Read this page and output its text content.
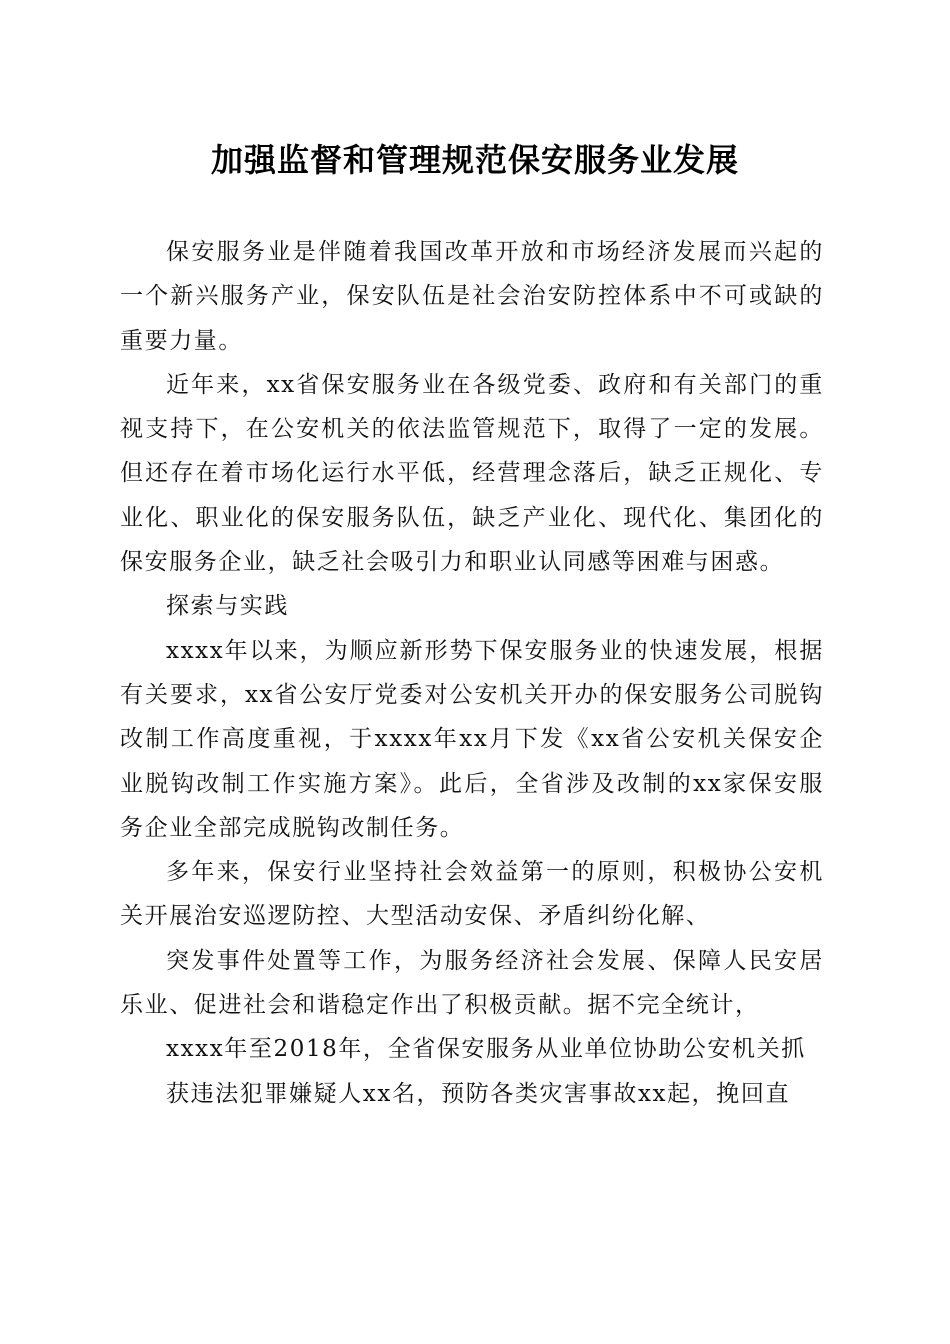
加强监督和管理规范保安服务业发展

保安服务业是伴随着我国改革开放和市场经济发展而兴起的一个新兴服务产业，保安队伍是社会治安防控体系中不可或缺的重要力量。

近年来，xx省保安服务业在各级党委、政府和有关部门的重视支持下，在公安机关的依法监管规范下，取得了一定的发展。但还存在着市场化运行水平低，经营理念落后，缺乏正规化、专业化、职业化的保安服务队伍，缺乏产业化、现代化、集团化的保安服务企业，缺乏社会吸引力和职业认同感等困难与困惑。

探索与实践

xxxx年以来，为顺应新形势下保安服务业的快速发展，根据有关要求，xx省公安厅党委对公安机关开办的保安服务公司脱钩改制工作高度重视，于xxxx年xx月下发《xx省公安机关保安企业脱钩改制工作实施方案》。此后，全省涉及改制的xx家保安服务企业全部完成脱钩改制任务。

多年来，保安行业坚持社会效益第一的原则，积极协公安机关开展治安巡逻防控、大型活动安保、矛盾纠纷化解、

突发事件处置等工作，为服务经济社会发展、保障人民安居乐业、促进社会和谐稳定作出了积极贡献。据不完全统计，

xxxx年至2018年，全省保安服务从业单位协助公安机关抓

获违法犯罪嫌疑人xx名，预防各类灾害事故xx起，挽回直
